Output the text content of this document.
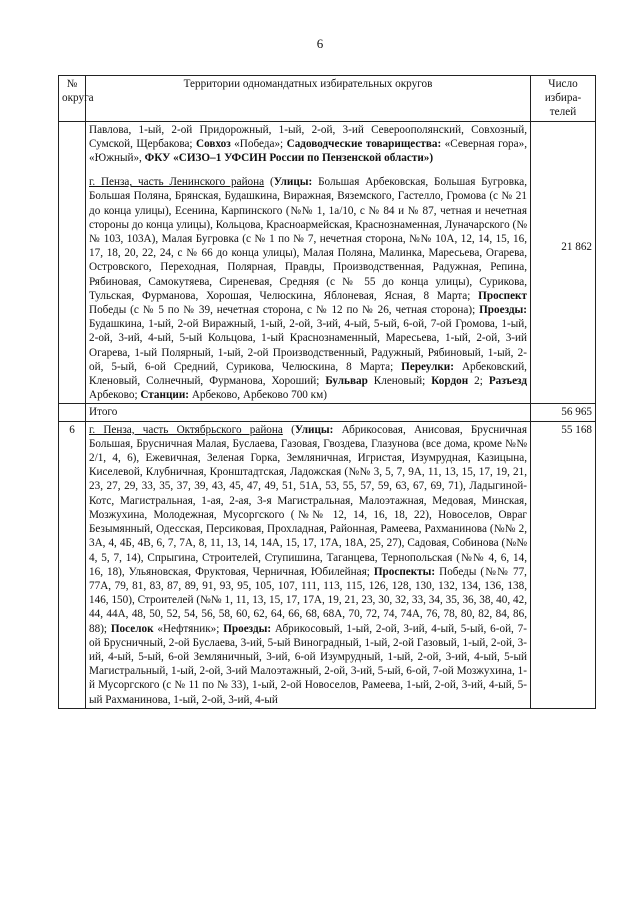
6
№ округа	Территории одномандатных избирательных округов	Число избира-телей

	Павлова, 1-ый, 2-ой Придорожный, 1-ый, 2-ой, 3-ий Североополянский, Совхозный, Сумской, Щербакова; Совхоз «Победа»; Садоводческие товарищества: «Северная гора», «Южный», ФКУ «СИЗО–1 УФСИН России по Пензенской области»)
г. Пенза, часть Ленинского района (Улицы: Большая Арбековская, Большая Бугровка, Большая Поляна, Брянская, Будашкина, Виражная, Вяземского, Гастелло, Громова (с № 21 до конца улицы), Есенина, Карпинского (№№ 1, 1а/10, с № 84 и № 87, четная и нечетная стороны до конца улицы), Кольцова, Красноармейская, Краснознаменная, Луначарского (№№ 103, 103А), Малая Бугровка (с № 1 по № 7, нечетная сторона, №№ 10А, 12, 14, 15, 16, 17, 18, 20, 22, 24, с № 66 до конца улицы), Малая Поляна, Малинка, Маресьева, Огарева, Островского, Переходная, Полярная, Правды, Производственная, Радужная, Репина, Рябиновая, Самокутяева, Сиреневая, Средняя (с № 55 до конца улицы), Сурикова, Тульская, Фурманова, Хорошая, Челюскина, Яблоневая, Ясная, 8 Марта; Проспект Победы (с № 5 по № 39, нечетная сторона, с № 12 по № 26, четная сторона); Проезды: Будашкина, 1-ый, 2-ой Виражный, 1-ый, 2-ой, 3-ий, 4-ый, 5-ый, 6-ой, 7-ой Громова, 1-ый, 2-ой, 3-ий, 4-ый, 5-ый Кольцова, 1-ый Краснознаменный, Маресьева, 1-ый, 2-ой, 3-ий Огарева, 1-ый Полярный, 1-ый, 2-ой Производственный, Радужный, Рябиновый, 1-ый, 2-ой, 5-ый, 6-ой Средний, Сурикова, Челюскина, 8 Марта; Переулки: Арбековский, Кленовый, Солнечный, Фурманова, Хороший; Бульвар Кленовый; Кордон 2; Разъезд Арбеково; Станции: Арбеково, Арбеково 700 км)	21 862

	Итого	56 965
6	г. Пенза, часть Октябрьского района (Улицы: Абрикосовая, Анисовая, Брусничная Большая, Брусничная Малая, Буслаева, Газовая, Гвоздева, Глазунова (все дома, кроме №№ 2/1, 4, 6), Ежевичная, Зеленая Горка, Земляничная, Игристая, Изумрудная, Казицына, Киселевой, Клубничная, Кронштадтская, Ладожская (№№ 3, 5, 7, 9А, 11, 13, 15, 17, 19, 21, 23, 27, 29, 33, 35, 37, 39, 43, 45, 47, 49, 51, 51А, 53, 55, 57, 59, 63, 67, 69, 71), Ладыгиной-Котс, Магистральная, 1-ая, 2-ая, 3-я Магистральная, Малоэтажная, Медовая, Минская, Мозжухина, Молодежная, Мусоргского (№№ 12, 14, 16, 18, 22), Новоселов, Овраг Безымянный, Одесская, Персиковая, Прохладная, Районная, Рамеева, Рахманинова (№№ 2, 3А, 4, 4Б, 4В, 6, 7, 7А, 8, 11, 13, 14, 14А, 15, 17, 17А, 18А, 25, 27), Садовая, Собинова (№№ 4, 5, 7, 14), Спрыгина, Строителей, Ступишина, Таганцева, Тернопольская (№№ 4, 6, 14, 16, 18), Ульяновская, Фруктовая, Черничная, Юбилейная; Проспекты: Победы (№№ 77, 77А, 79, 81, 83, 87, 89, 91, 93, 95, 105, 107, 111, 113, 115, 126, 128, 130, 132, 134, 136, 138, 146, 150), Строителей (№№ 1, 11, 13, 15, 17, 17А, 19, 21, 23, 30, 32, 33, 34, 35, 36, 38, 40, 42, 44, 44А, 48, 50, 52, 54, 56, 58, 60, 62, 64, 66, 68, 68А, 70, 72, 74, 74А, 76, 78, 80, 82, 84, 86, 88); Поселок «Нефтяник»; Проезды: Абрикосовый, 1-ый, 2-ой, 3-ий, 4-ый, 5-ый, 6-ой, 7-ой Брусничный, 2-ой Буслаева, 3-ий, 5-ый Виноградный, 1-ый, 2-ой Газовый, 1-ый, 2-ой, 3-ий, 4-ый, 5-ый, 6-ой Земляничный, 3-ий, 6-ой Изумрудный, 1-ый, 2-ой, 3-ий, 4-ый, 5-ый Магистральный, 1-ый, 2-ой, 3-ий Малоэтажный, 2-ой, 3-ий, 5-ый, 6-ой, 7-ой Мозжухина, 1-й Мусоргского (с № 11 по № 33), 1-ый, 2-ой Новоселов, Рамеева, 1-ый, 2-ой, 3-ий, 4-ый, 5-ый Рахманинова, 1-ый, 2-ой, 3-ий, 4-ый	55 168
